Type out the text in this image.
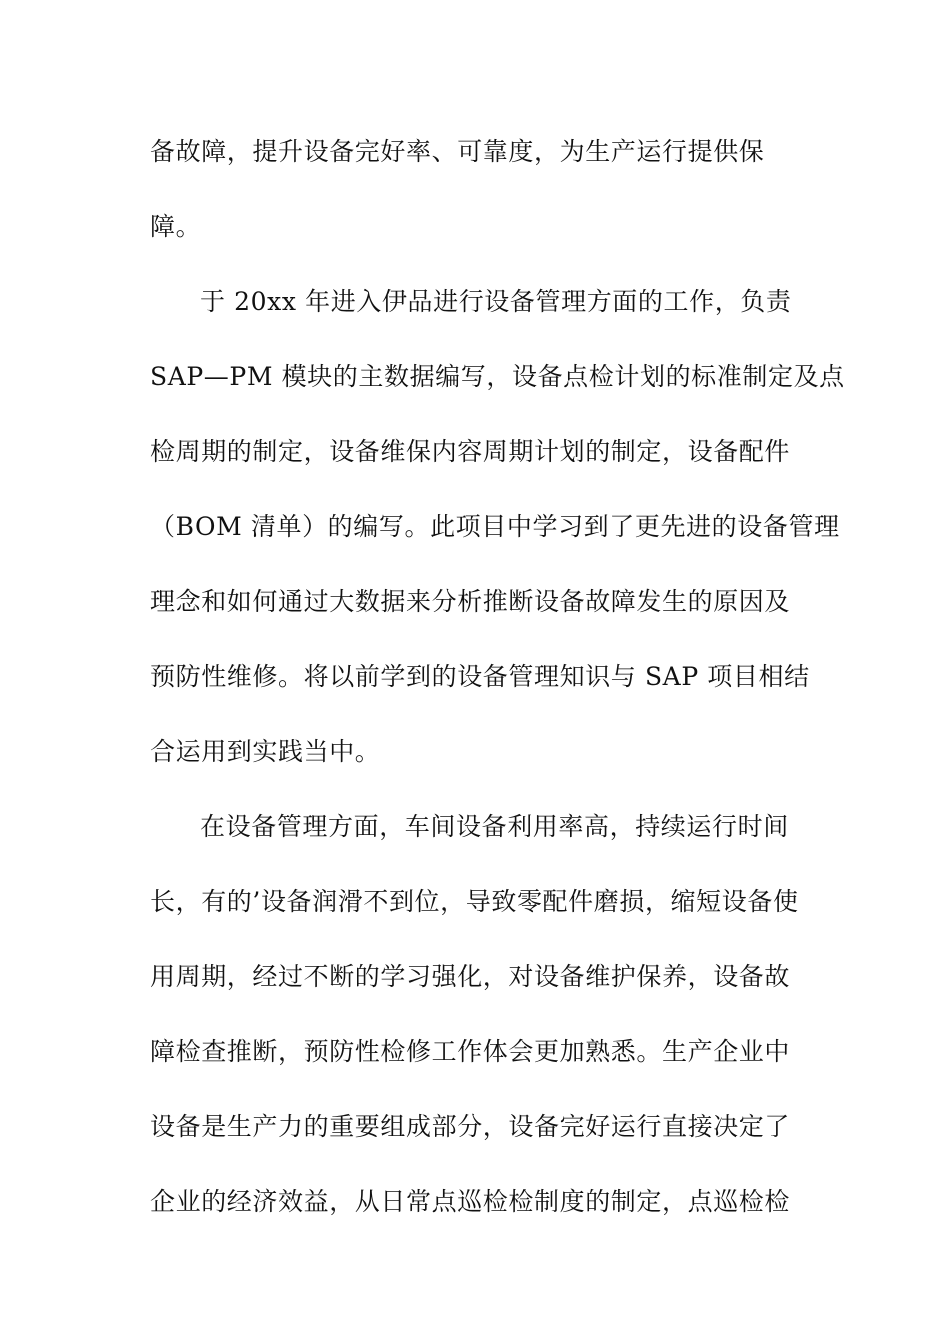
备故障，提升设备完好率、可靠度，为生产运行提供保
障。
于 20xx 年进入伊品进行设备管理方面的工作，负责
SAP—PM 模块的主数据编写，设备点检计划的标准制定及点
检周期的制定，设备维保内容周期计划的制定，设备配件
（BOM 清单）的编写。此项目中学习到了更先进的设备管理
理念和如何通过大数据来分析推断设备故障发生的原因及
预防性维修。将以前学到的设备管理知识与 SAP 项目相结
合运用到实践当中。
在设备管理方面，车间设备利用率高，持续运行时间
长，有的’设备润滑不到位，导致零配件磨损，缩短设备使
用周期，经过不断的学习强化，对设备维护保养，设备故
障检查推断，预防性检修工作体会更加熟悉。生产企业中
设备是生产力的重要组成部分，设备完好运行直接决定了
企业的经济效益，从日常点巡检检制度的制定，点巡检检
